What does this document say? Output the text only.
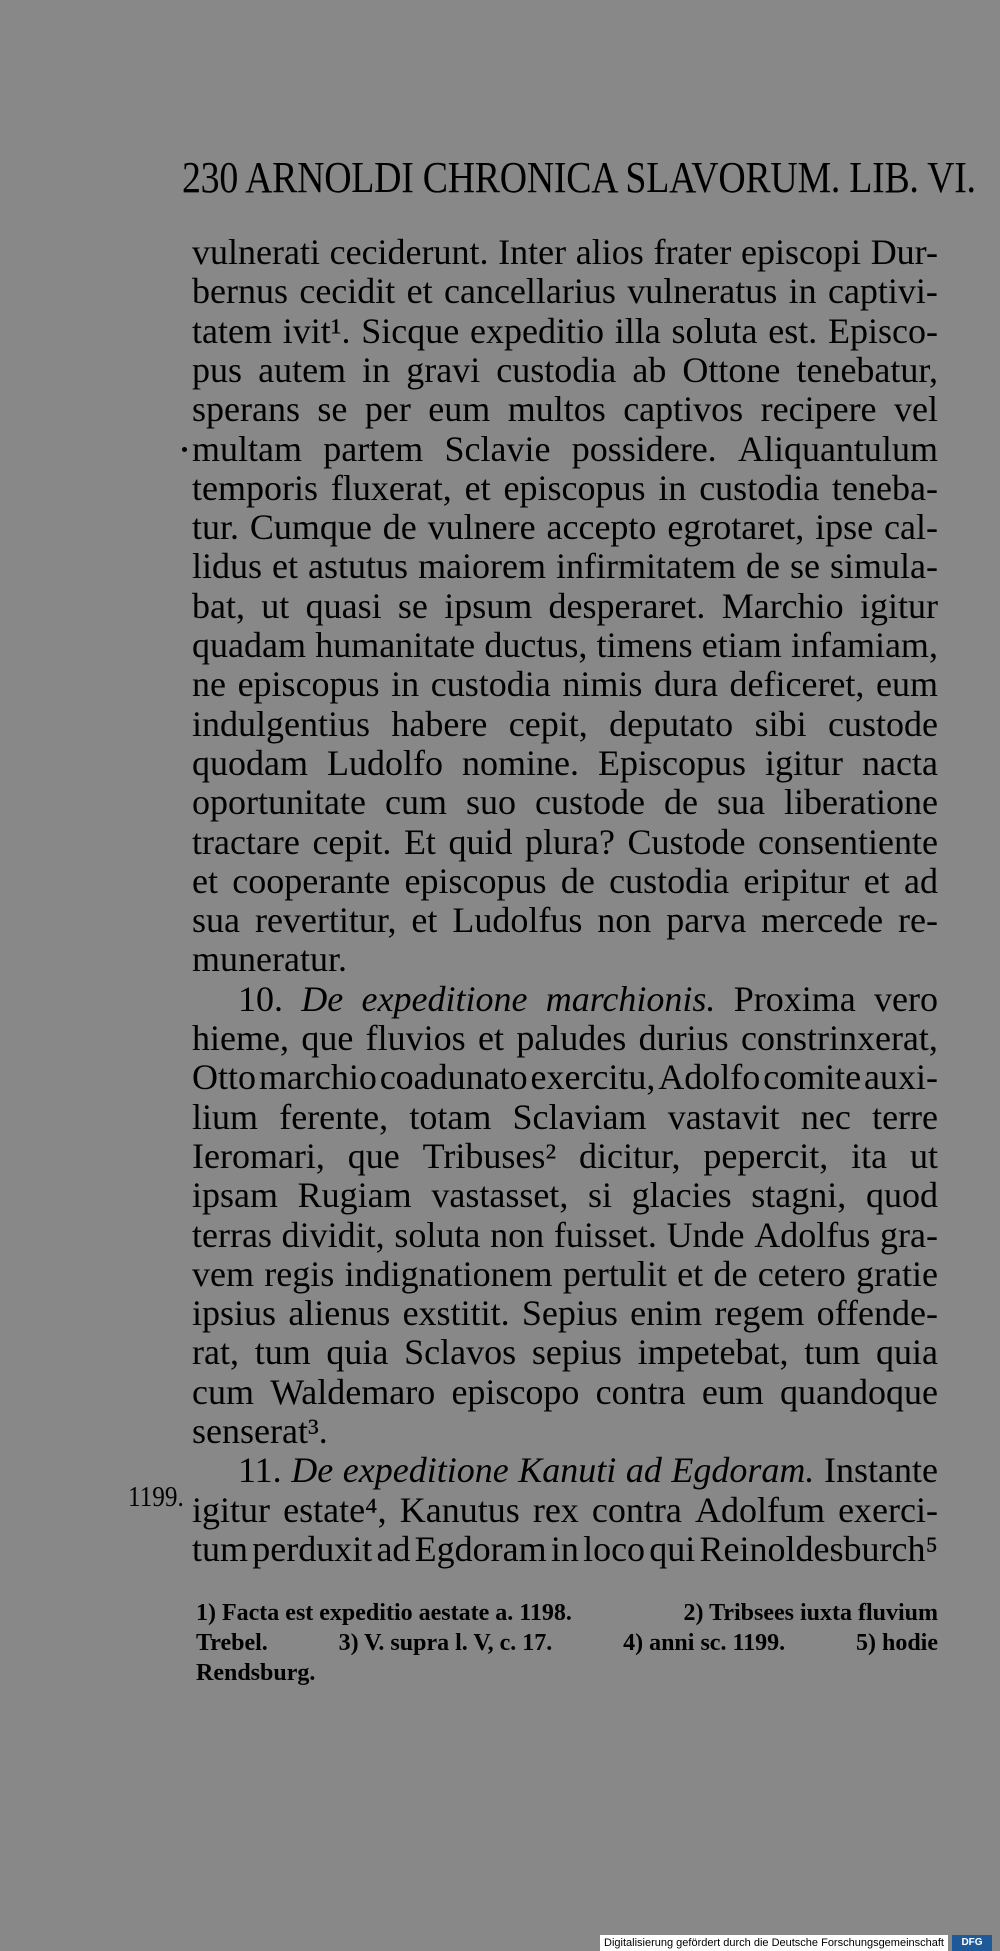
230 ARNOLDI CHRONICA SLAVORUM. LIB. VI.
vulnerati ceciderunt. Inter alios frater episcopi Dur-
bernus cecidit et cancellarius vulneratus in captivi-
tatem ivit¹. Sicque expeditio illa soluta est. Episco-
pus autem in gravi custodia ab Ottone tenebatur,
sperans se per eum multos captivos recipere vel
multam partem Sclavie possidere. Aliquantulum
temporis fluxerat, et episcopus in custodia teneba-
tur. Cumque de vulnere accepto egrotaret, ipse cal-
lidus et astutus maiorem infirmitatem de se simula-
bat, ut quasi se ipsum desperaret. Marchio igitur
quadam humanitate ductus, timens etiam infamiam,
ne episcopus in custodia nimis dura deficeret, eum
indulgentius habere cepit, deputato sibi custode
quodam Ludolfo nomine. Episcopus igitur nacta
oportunitate cum suo custode de sua liberatione
tractare cepit. Et quid plura? Custode consentiente
et cooperante episcopus de custodia eripitur et ad
sua revertitur, et Ludolfus non parva mercede re-
muneratur.
10. De expeditione marchionis. Proxima vero
hieme, que fluvios et paludes durius constrinxerat,
Otto marchio coadunato exercitu, Adolfo comite auxi-
lium ferente, totam Sclaviam vastavit nec terre
Ieromari, que Tribuses² dicitur, pepercit, ita ut
ipsam Rugiam vastasset, si glacies stagni, quod
terras dividit, soluta non fuisset. Unde Adolfus gra-
vem regis indignationem pertulit et de cetero gratie
ipsius alienus exstitit. Sepius enim regem offende-
rat, tum quia Sclavos sepius impetebat, tum quia
cum Waldemaro episcopo contra eum quandoque
senserat³.
11. De expeditione Kanuti ad Egdoram. Instante
igitur estate⁴, Kanutus rex contra Adolfum exerci-
tum perduxit ad Egdoram in loco qui Reinoldesburch⁵
1199.
1) Facta est expeditio aestate a. 1198.	2) Tribsees iuxta fluvium
Trebel.	3) V. supra l. V, c. 17.	4) anni sc. 1199.	5) hodie
Rendsburg.
Digitalisierung gefördert durch die Deutsche Forschungsgemeinschaft	DFG
